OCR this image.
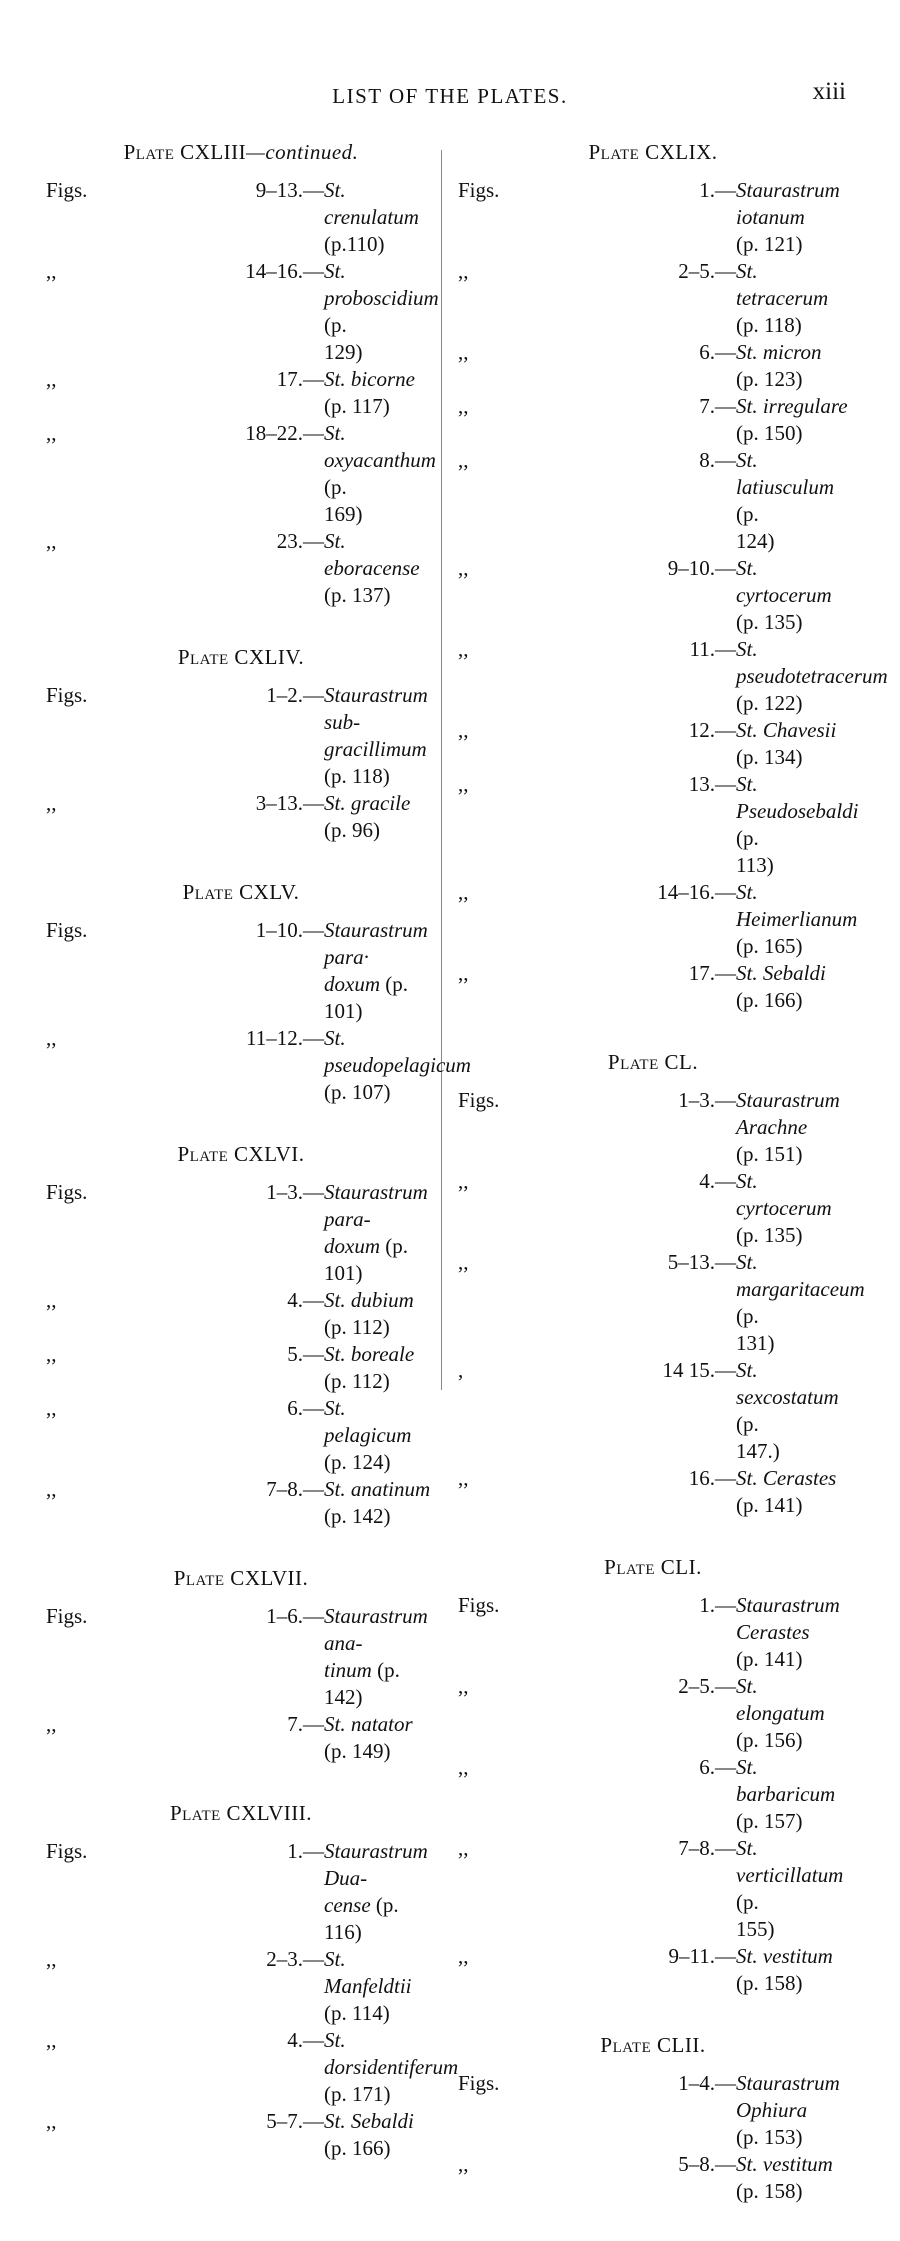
LIST OF THE PLATES.	xiii
Plate CXLIII—continued.
Figs.	9–13.— St. crenulatum (p.110)
,,	14–16.— St. proboscidium (p.
129)
,,	17.— St. bicorne (p. 117)
,,	18–22.— St. oxyacanthum (p.
169)
,,	23.— St. eboracense (p. 137)
Plate CXLIV.
Figs.	1–2.— Staurastrum sub-
gracillimum (p. 118)
,,	3–13.— St. gracile (p. 96)
Plate CXLV.
Figs.	1–10.— Staurastrum para·
doxum (p. 101)
,,	11–12.— St. pseudopelagicum
(p. 107)
Plate CXLVI.
Figs.	1–3.— Staurastrum para-
doxum (p. 101)
,,	4.— St. dubium (p. 112)
,,	5.— St. boreale (p. 112)
,,	6.— St. pelagicum (p. 124)
,,	7–8.— St. anatinum (p. 142)
Plate CXLVII.
Figs.	1–6.— Staurastrum ana-
tinum (p. 142)
,,	7.— St. natator (p. 149)
Plate CXLVIII.
Figs.	1.— Staurastrum Dua-
cense (p. 116)
,,	2–3.— St. Manfeldtii (p. 114)
,,	4.— St. dorsidentiferum
(p. 171)
,,	5–7.— St. Sebaldi (p. 166)
Plate CXLIX.
Figs.	1.— Staurastrum iotanum
(p. 121)
,,	2–5.— St. tetracerum (p. 118)
,,	6.— St. micron (p. 123)
,,	7.— St. irregulare (p. 150)
,,	8.— St. latiusculum (p.
124)
,,	9–10.— St. cyrtocerum (p. 135)
,,	11.— St. pseudotetracerum
(p. 122)
,,	12.— St. Chavesii (p. 134)
,,	13.— St. Pseudosebaldi (p.
113)
,,	14–16.— St. Heimerlianum
(p. 165)
,,	17.— St. Sebaldi (p. 166)
Plate CL.
Figs.	1–3.— Staurastrum Arachne
(p. 151)
,,	4.— St. cyrtocerum (p. 135)
,,	5–13.— St. margaritaceum (p.
131)
,	14 15.— St. sexcostatum (p.
147.)
,,	16.— St. Cerastes (p. 141)
Plate CLI.
Figs.	1.— Staurastrum Cerastes
(p. 141)
,,	2–5.— St. elongatum (p. 156)
,,	6.— St. barbaricum (p. 157)
,,	7–8.— St. verticillatum (p.
155)
,,	9–11.— St. vestitum (p. 158)
Plate CLII.
Figs.	1–4.— Staurastrum Ophiura
(p. 153)
,,	5–8.— St. vestitum (p. 158)
